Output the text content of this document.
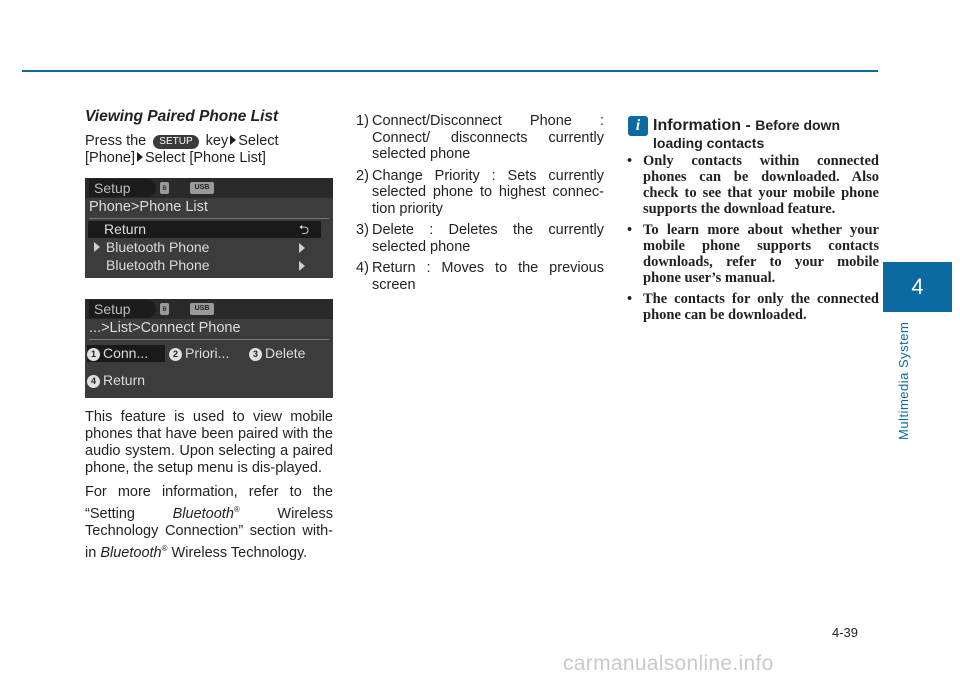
4
Multimedia System
Viewing Paired Phone List
Press the SETUP key Select
[Phone] Select [Phone List]
Setup	ʙ	USB
Phone>Phone List
Return	⮌
Bluetooth Phone
Bluetooth Phone
Setup	ʙ	USB
...>List>Connect Phone
1 Conn...	2 Priori...	3 Delete
4 Return
This feature is used to view mobile phones that have been paired with the audio system. Upon selecting a paired phone, the setup menu is dis-played.
For more information, refer to the “Setting	Bluetooth®	Wireless Technology Connection” section with-in Bluetooth® Wireless Technology.
1) Connect/Disconnect Phone : Connect/ disconnects currently selected phone
2) Change Priority : Sets currently selected phone to highest connec-tion priority
3) Delete : Deletes the currently selected phone
4) Return : Moves to the previous screen
i Information - Before down
loading contacts
• Only contacts within connected phones can be downloaded. Also check to see that your mobile phone supports the download feature.
• To learn more about whether your mobile phone supports contacts downloads, refer to your mobile phone user’s manual.
• The contacts for only the connected phone can be downloaded.
4-39
carmanualsonline.info
